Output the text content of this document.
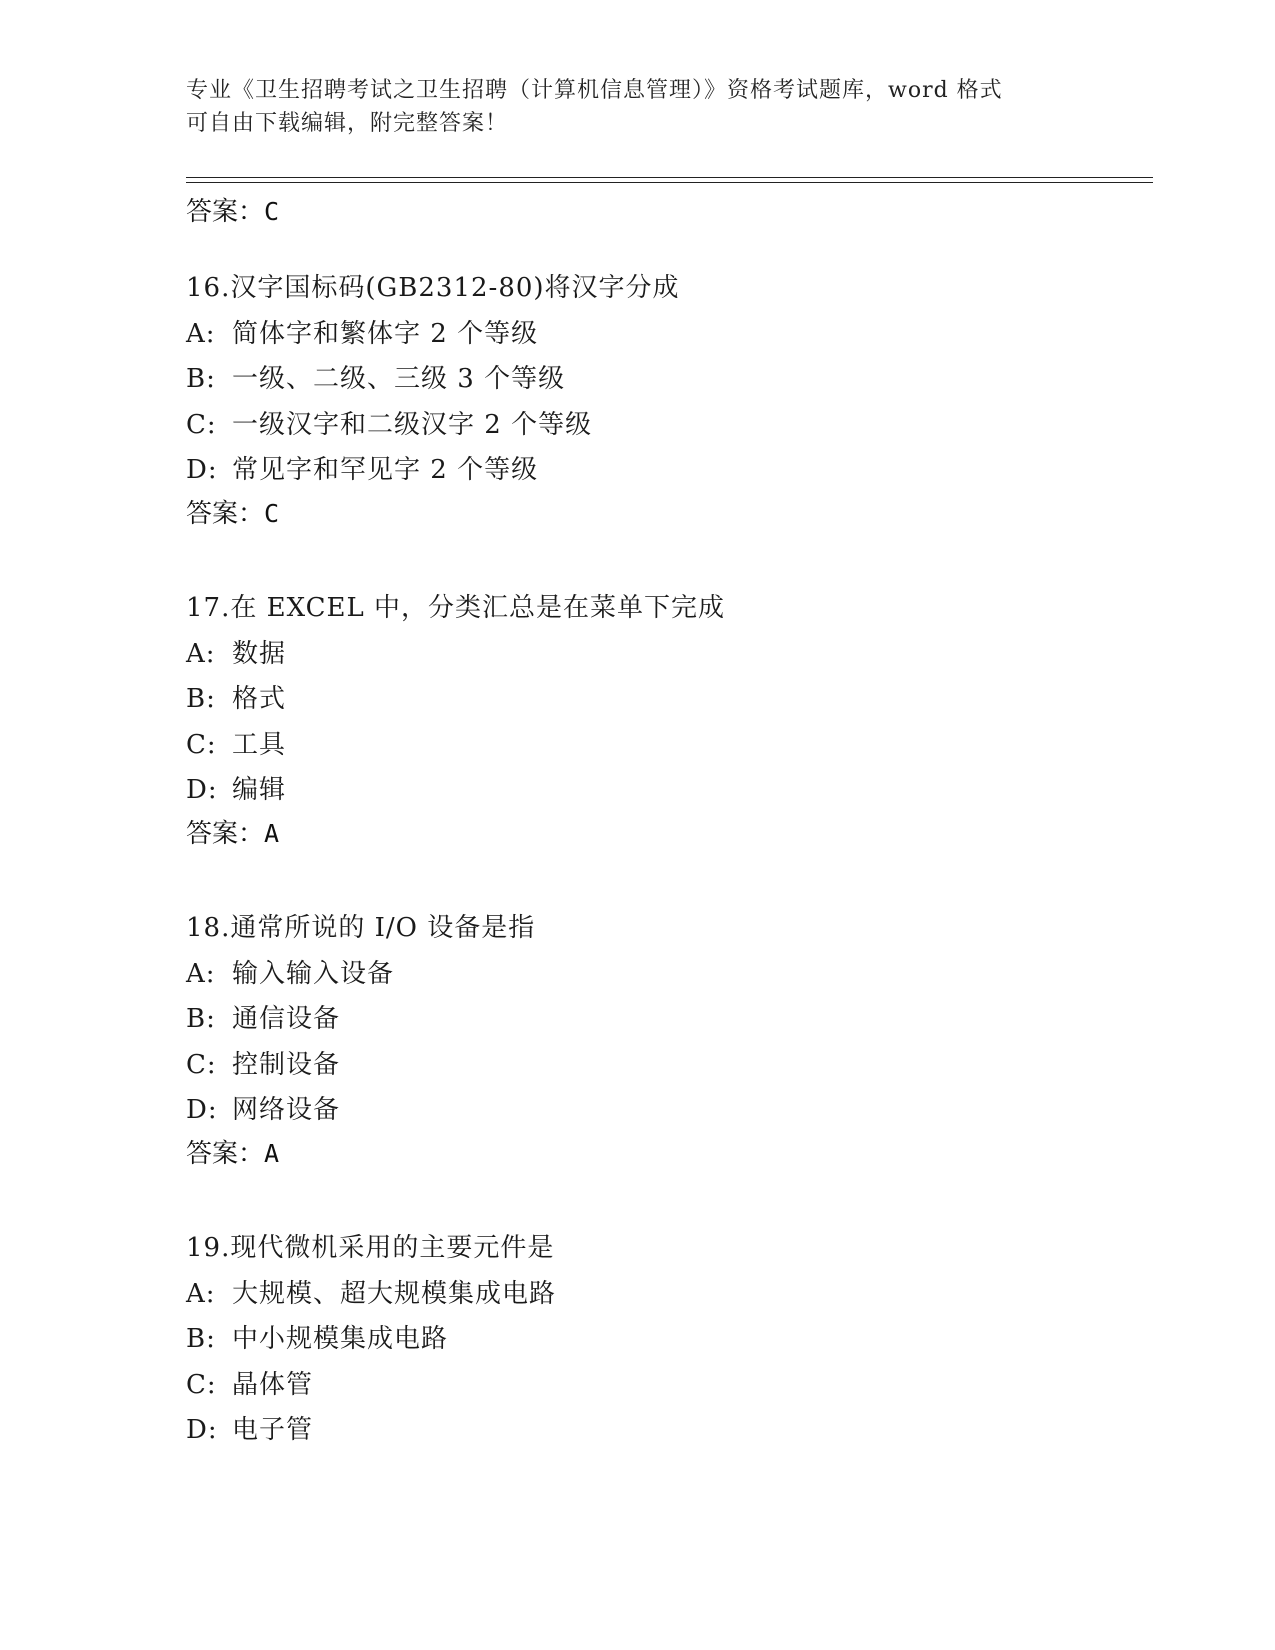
专业《卫生招聘考试之卫生招聘（计算机信息管理）》资格考试题库，word 格式
可自由下载编辑，附完整答案！
答案：C
16.汉字国标码(GB2312-80)将汉字分成
A: 简体字和繁体字 2 个等级
B: 一级、二级、三级 3 个等级
C: 一级汉字和二级汉字 2 个等级
D: 常见字和罕见字 2 个等级
答案：C
17.在 EXCEL 中，分类汇总是在菜单下完成
A: 数据
B: 格式
C: 工具
D: 编辑
答案：A
18.通常所说的 I/O 设备是指
A: 输入输入设备
B: 通信设备
C: 控制设备
D: 网络设备
答案：A
19.现代微机采用的主要元件是
A: 大规模、超大规模集成电路
B: 中小规模集成电路
C: 晶体管
D: 电子管
